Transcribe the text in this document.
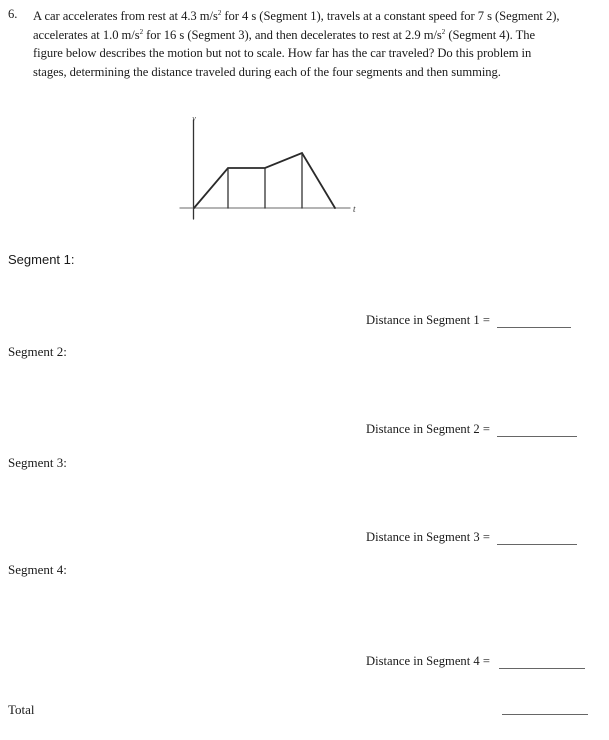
6. A car accelerates from rest at 4.3 $m/s^2$ for 4 s (Segment 1), travels at a constant speed for 7 s (Segment 2),
accelerates at 1.0 $m/s^2$ for 16 s (Segment 3), and then decelerates to rest at 2.9 $m/s^2$ (Segment 4). The
figure below describes the motion but not to scale. How far has the car traveled? Do this problem in
stages, determining the distance traveled during each of the four segments and then summing.
v
t
Segment 1:
Distance in Segment 1 =
Segment 2:
Distance in Segment 2 =
Segment 3:
Distance in Segment 3 =
Segment 4:
Distance in Segment 4 =
Total
